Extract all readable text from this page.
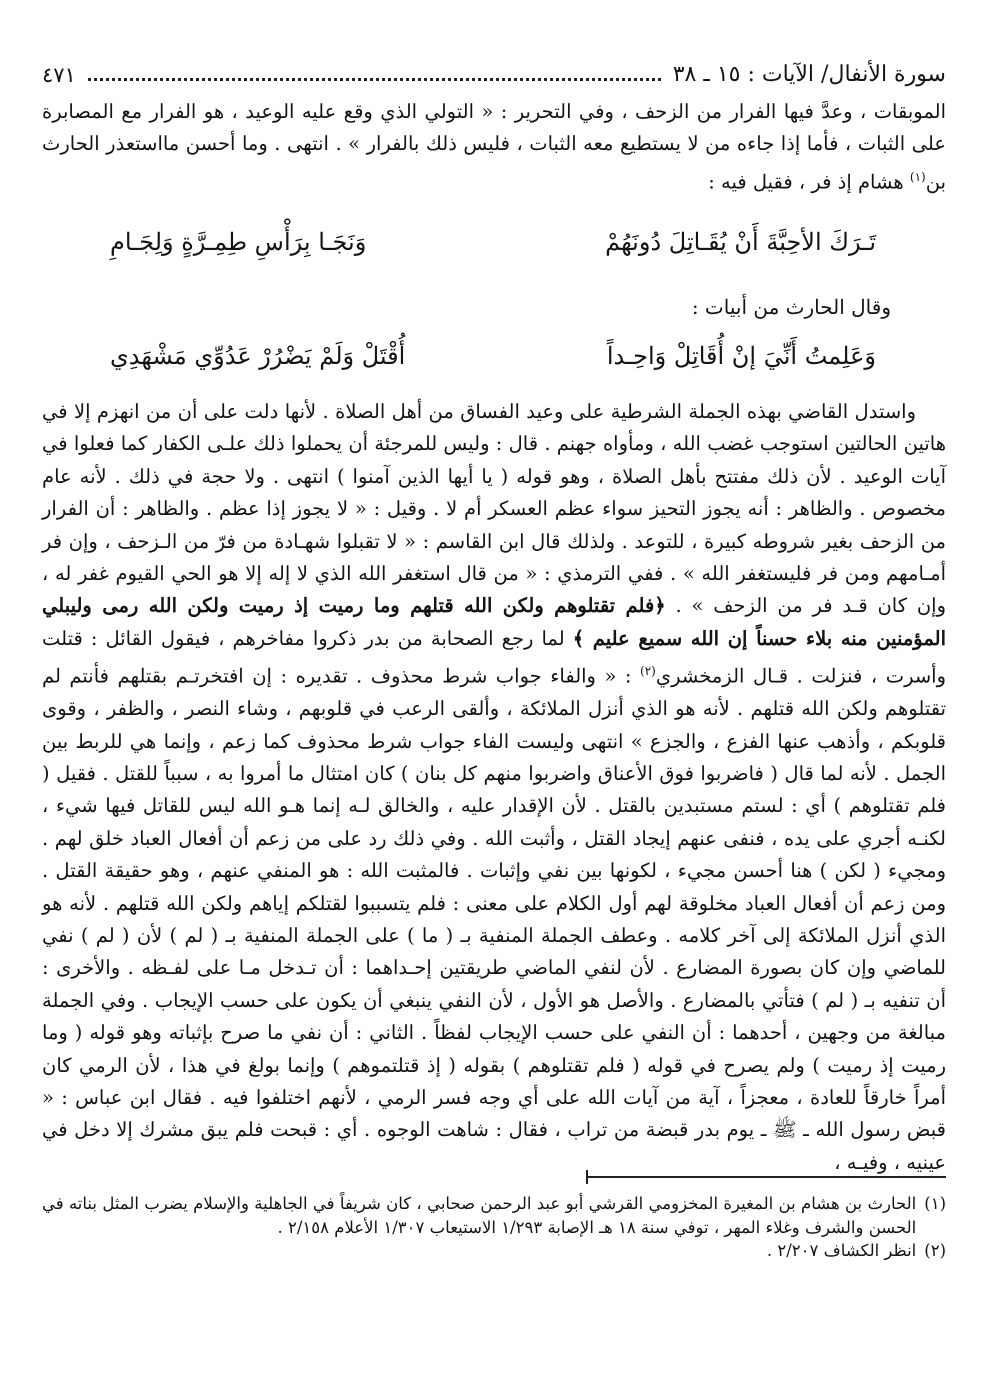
سورة الأنفال/ الآيات : ١٥ ـ ٣٨
٤٧١
الموبقات ، وعدَّ فيها الفرار من الزحف ، وفي التحرير : « التولي الذي وقع عليه الوعيد ، هو الفرار مع المصابرة على الثبات ، فأما إذا جاءه من لا يستطيع معه الثبات ، فليس ذلك بالفرار » . انتهى . وما أحسن مااستعذر الحارث بن$^{(١)}$ هشام إذ فر ، فقيل فيه :
تَـرَكَ الأحِبَّةَ أَنْ يُقَـاتِلَ دُونَهُمْ
وَنَجَـا بِرَأْسِ طِمِـرَّةٍ وَلِجَـامِ
وقال الحارث من أبيات :
وَعَلِمتُ أَنِّيَ إنْ أُقَاتِلْ وَاحِـداً
أُقْتَلْ وَلَمْ يَضْرُرْ عَدُوِّي مَشْهَدِي

واستدل القاضي بهذه الجملة الشرطية على وعيد الفساق من أهل الصلاة . لأنها دلت على أن من انهزم إلا في هاتين الحالتين استوجب غضب الله ، ومأواه جهنم . قال : وليس للمرجئة أن يحملوا ذلك علـى الكفار كما فعلوا في آيات الوعيد . لأن ذلك مفتتح بأهل الصلاة ، وهو قوله ( يا أيها الذين آمنوا ) انتهى . ولا حجة في ذلك . لأنه عام مخصوص . والظاهر : أنه يجوز التحيز سواء عظم العسكر أم لا . وقيل : « لا يجوز إذا عظم . والظاهر : أن الفرار من الزحف بغير شروطه كبيرة ، للتوعد . ولذلك قال ابن القاسم : « لا تقبلوا شهـادة من فرّ من الـزحف ، وإن فر أمـامهم ومن فر فليستغفر الله » . ففي الترمذي : « من قال استغفر الله الذي لا إله إلا هو الحي القيوم غفر له ، وإن كان قـد فر من الزحف » . ﴿فلم تقتلوهم ولكن الله قتلهم وما رميت إذ رميت ولكن الله رمى وليبلي المؤمنين منه بلاء حسناً إن الله سميع عليم ﴾ لما رجع الصحابة من بدر ذكروا مفاخرهم ، فيقول القائل : قتلت وأسرت ، فنزلت . قـال الزمخشري$^{(٢)}$ : « والفاء جواب شرط محذوف . تقديره : إن افتخرتـم بقتلهم فأنتم لم تقتلوهم ولكن الله قتلهم . لأنه هو الذي أنزل الملائكة ، وألقى الرعب في قلوبهم ، وشاء النصر ، والظفر ، وقوى قلوبكم ، وأذهب عنها الفزع ، والجزع » انتهى وليست الفاء جواب شرط محذوف كما زعم ، وإنما هي للربط بين الجمل . لأنه لما قال ( فاضربوا فوق الأعناق واضربوا منهم كل بنان ) كان امتثال ما أمروا به ، سبباً للقتل . فقيل ( فلم تقتلوهم ) أي : لستم مستبدين بالقتل . لأن الإقدار عليه ، والخالق لـه إنما هـو الله ليس للقاتل فيها شيء ، لكنـه أجري على يده ، فنفى عنهم إيجاد القتل ، وأثبت الله . وفي ذلك رد على من زعم أن أفعال العباد خلق لهم . ومجيء ( لكن ) هنا أحسن مجيء ، لكونها بين نفي وإثبات . فالمثبت الله : هو المنفي عنهم ، وهو حقيقة القتل . ومن زعم أن أفعال العباد مخلوقة لهم أول الكلام على معنى : فلم يتسببوا لقتلكم إياهم ولكن الله قتلهم . لأنه هو الذي أنزل الملائكة إلى آخر كلامه . وعطف الجملة المنفية بـ ( ما ) على الجملة المنفية بـ ( لم ) لأن ( لم ) نفي للماضي وإن كان بصورة المضارع . لأن لنفي الماضي طريقتين إحـداهما : أن تـدخل مـا على لفـظه . والأخرى : أن تنفيه بـ ( لم ) فتأتي بالمضارع . والأصل هو الأول ، لأن النفي ينبغي أن يكون على حسب الإيجاب . وفي الجملة مبالغة من وجهين ، أحدهما : أن النفي على حسب الإيجاب لفظاً . الثاني : أن نفي ما صرح بإثباته وهو قوله ( وما رميت إذ رميت ) ولم يصرح في قوله ( فلم تقتلوهم ) بقوله ( إذ قتلتموهم ) وإنما بولغ في هذا ، لأن الرمي كان أمراً خارقاً للعادة ، معجزاً ، آية من آيات الله على أي وجه فسر الرمي ، لأنهم اختلفوا فيه . فقال ابن عباس : « قبض رسول الله ـ ﷺ ـ يوم بدر قبضة من تراب ، فقال : شاهت الوجوه . أي : قبحت فلم يبق مشرك إلا دخل في عينيه ، وفيـه ،

(١)
الحارث بن هشام بن المغيرة المخزومي القرشي أبو عبد الرحمن صحابي ، كان شريفاً في الجاهلية والإسلام يضرب المثل بناته في الحسن والشرف وغلاء المهر ، توفي سنة ١٨ هـ الإصابة ١/٢٩٣ الاستيعاب ١/٣٠٧ الأعلام ٢/١٥٨ .
(٢)
انظر الكشاف ٢/٢٠٧ .
